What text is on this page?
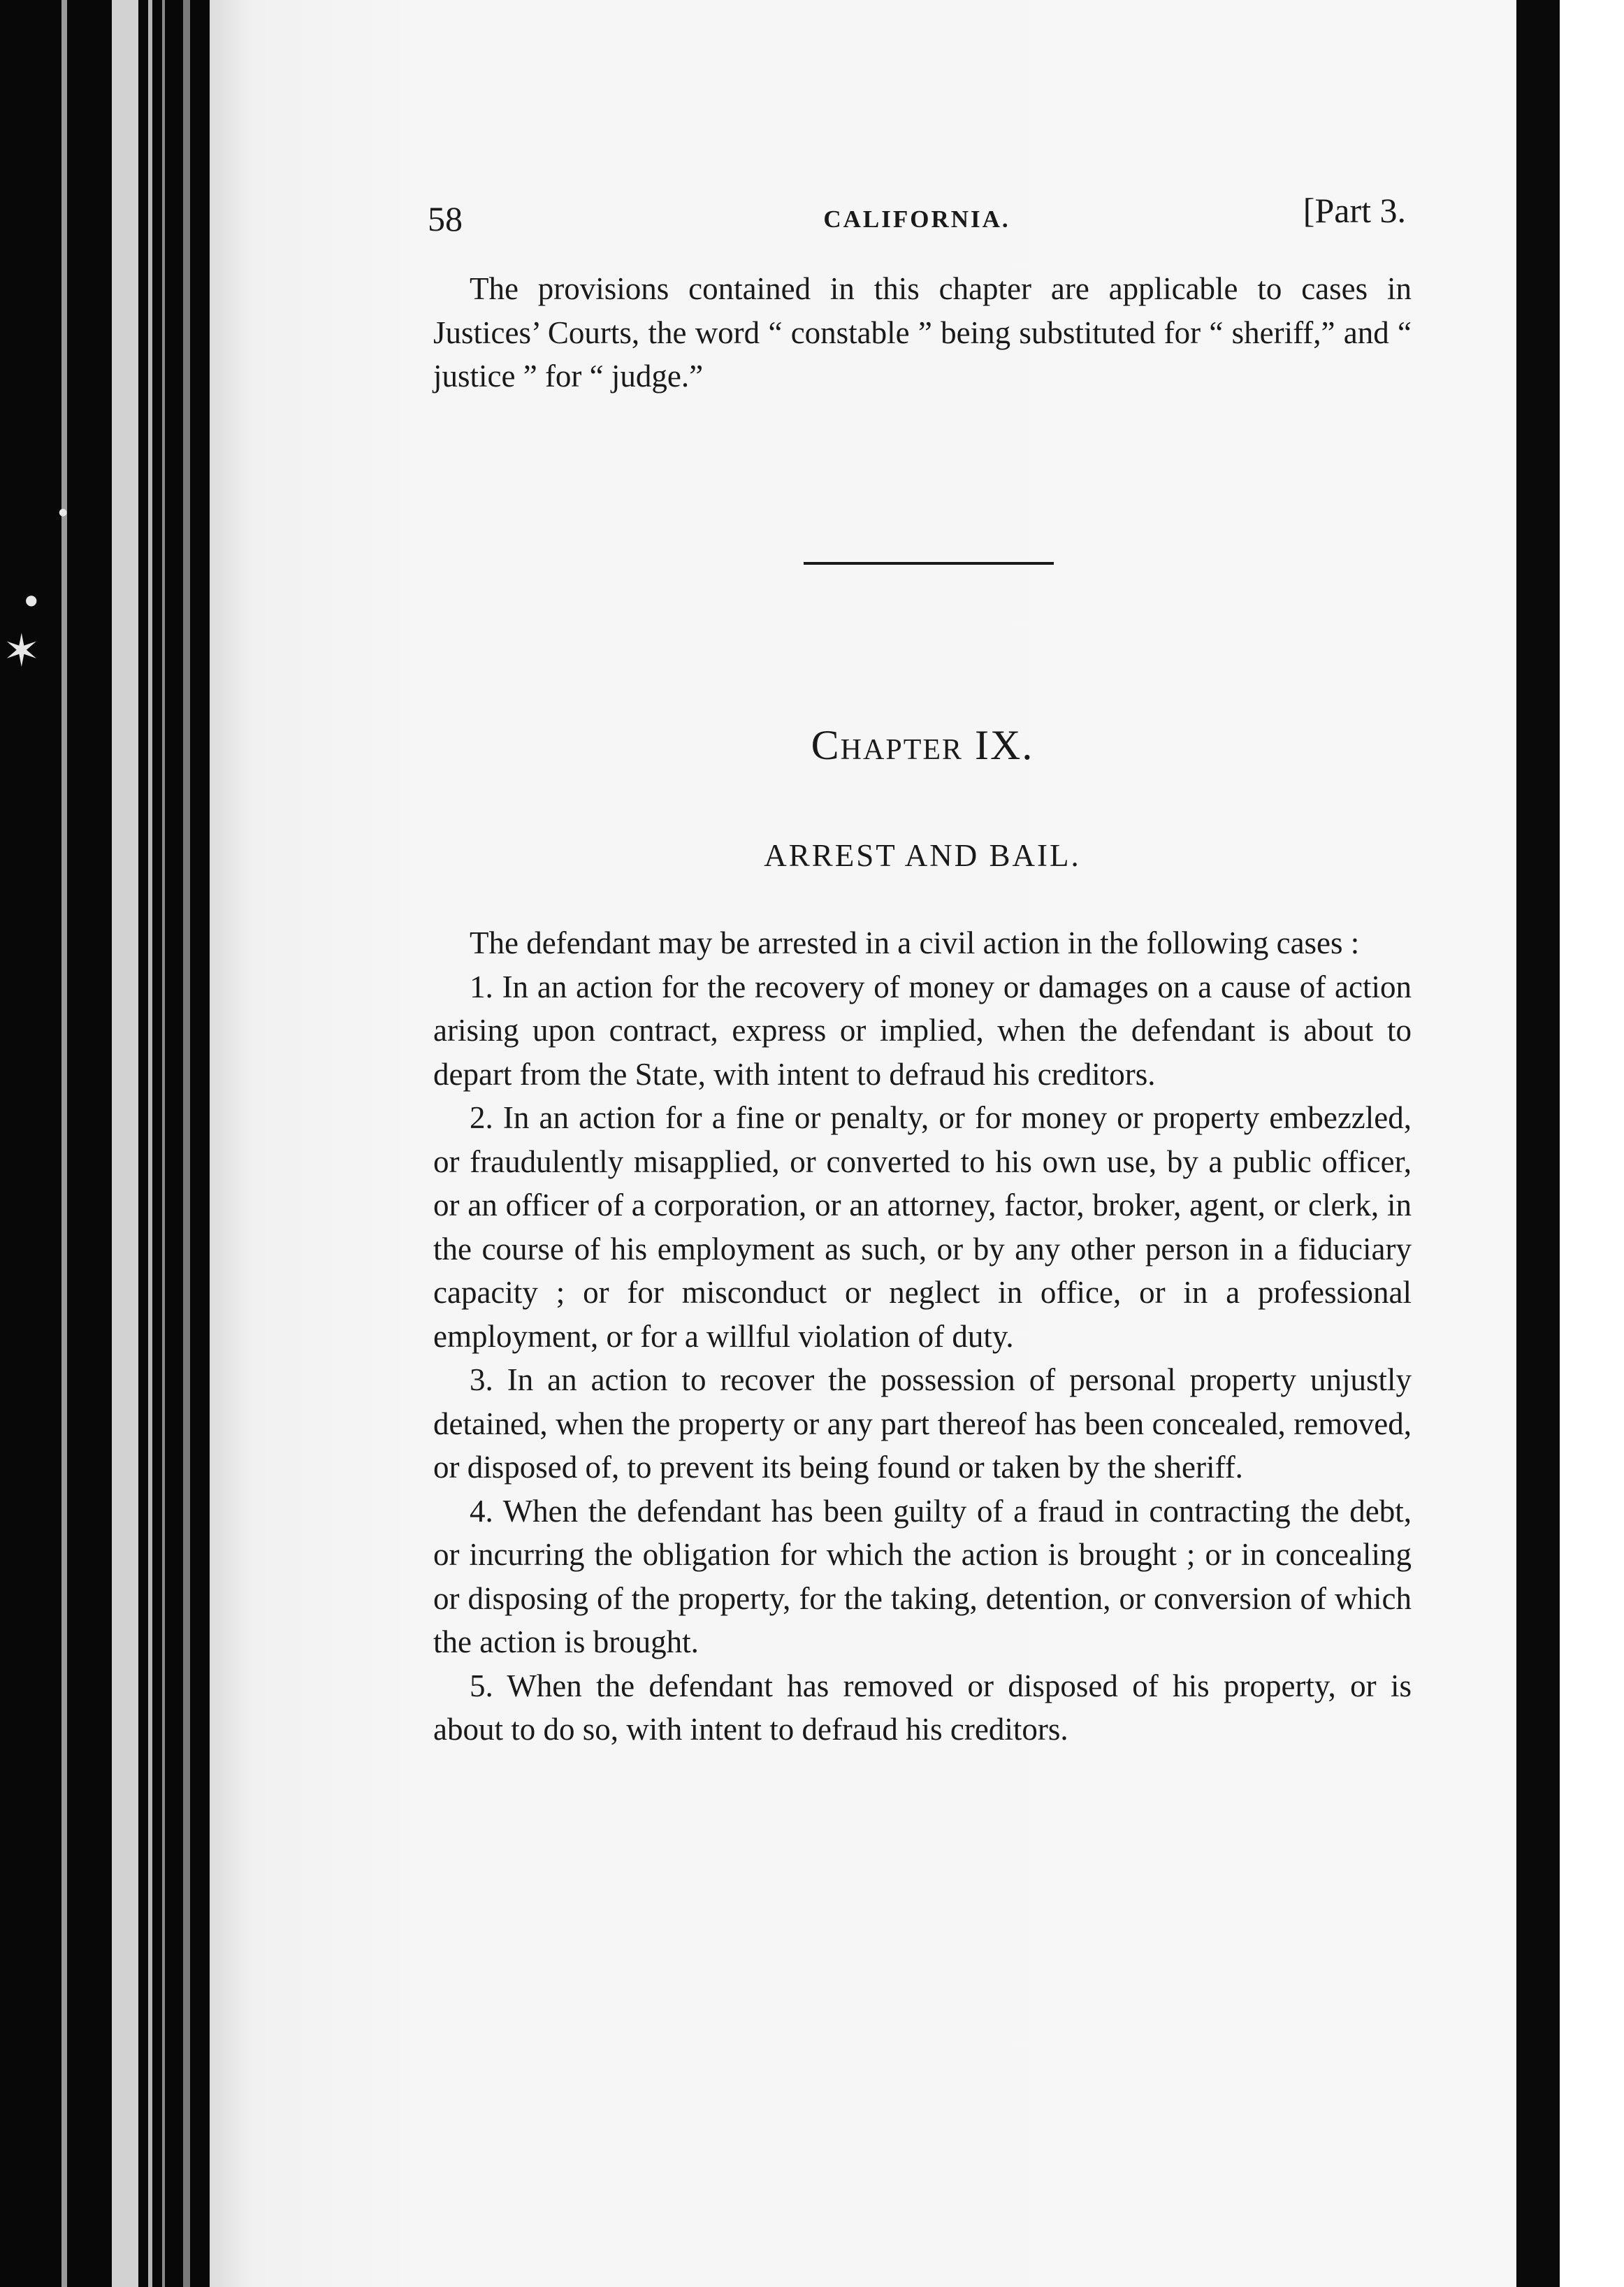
✶
●
●
58	CALIFORNIA.	[Part 3.

The provisions contained in this chapter are applicable to cases in Justices’ Courts, the word “ constable ” being substituted for “ sheriff,” and “ justice ” for “ judge.”

Chapter IX.
ARREST AND BAIL.

The defendant may be arrested in a civil action in the following cases :

1. In an action for the recovery of money or damages on a cause of action arising upon contract, express or implied, when the defendant is about to depart from the State, with intent to defraud his creditors.

2. In an action for a fine or penalty, or for money or property embezzled, or fraudulently misapplied, or converted to his own use, by a public officer, or an officer of a corporation, or an attorney, factor, broker, agent, or clerk, in the course of his employment as such, or by any other person in a fiduciary capacity ; or for misconduct or neglect in office, or in a professional employment, or for a willful violation of duty.

3. In an action to recover the possession of personal property unjustly detained, when the property or any part thereof has been concealed, removed, or disposed of, to prevent its being found or taken by the sheriff.

4. When the defendant has been guilty of a fraud in contracting the debt, or incurring the obligation for which the action is brought ; or in concealing or disposing of the property, for the taking, detention, or conversion of which the action is brought.

5. When the defendant has removed or disposed of his property, or is about to do so, with intent to defraud his creditors.
